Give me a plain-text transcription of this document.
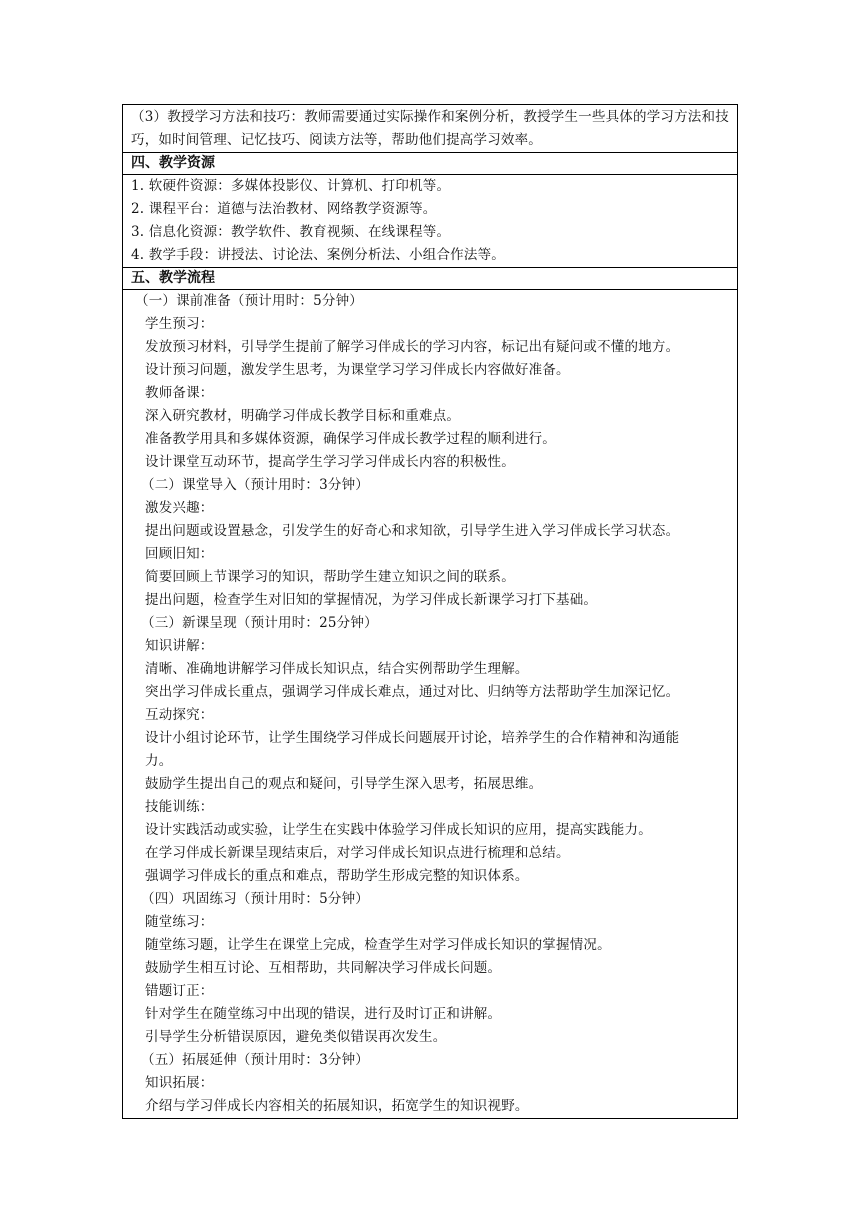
（3）教授学习方法和技巧：教师需要通过实际操作和案例分析，教授学生一些具体的学习方法和技巧，如时间管理、记忆技巧、阅读方法等，帮助他们提高学习效率。
四、教学资源
1. 软硬件资源：多媒体投影仪、计算机、打印机等。
2. 课程平台：道德与法治教材、网络教学资源等。
3. 信息化资源：教学软件、教育视频、在线课程等。
4. 教学手段：讲授法、讨论法、案例分析法、小组合作法等。
五、教学流程
（一）课前准备（预计用时：5分钟）
学生预习：
发放预习材料，引导学生提前了解学习伴成长的学习内容，标记出有疑问或不懂的地方。
设计预习问题，激发学生思考，为课堂学习学习伴成长内容做好准备。
教师备课：
深入研究教材，明确学习伴成长教学目标和重难点。
准备教学用具和多媒体资源，确保学习伴成长教学过程的顺利进行。
设计课堂互动环节，提高学生学习学习伴成长内容的积极性。
（二）课堂导入（预计用时：3分钟）
激发兴趣：
提出问题或设置悬念，引发学生的好奇心和求知欲，引导学生进入学习伴成长学习状态。
回顾旧知：
简要回顾上节课学习的知识，帮助学生建立知识之间的联系。
提出问题，检查学生对旧知的掌握情况，为学习伴成长新课学习打下基础。
（三）新课呈现（预计用时：25分钟）
知识讲解：
清晰、准确地讲解学习伴成长知识点，结合实例帮助学生理解。
突出学习伴成长重点，强调学习伴成长难点，通过对比、归纳等方法帮助学生加深记忆。
互动探究：
设计小组讨论环节，让学生围绕学习伴成长问题展开讨论，培养学生的合作精神和沟通能
力。
鼓励学生提出自己的观点和疑问，引导学生深入思考，拓展思维。
技能训练：
设计实践活动或实验，让学生在实践中体验学习伴成长知识的应用，提高实践能力。
在学习伴成长新课呈现结束后，对学习伴成长知识点进行梳理和总结。
强调学习伴成长的重点和难点，帮助学生形成完整的知识体系。
（四）巩固练习（预计用时：5分钟）
随堂练习：
随堂练习题，让学生在课堂上完成，检查学生对学习伴成长知识的掌握情况。
鼓励学生相互讨论、互相帮助，共同解决学习伴成长问题。
错题订正：
针对学生在随堂练习中出现的错误，进行及时订正和讲解。
引导学生分析错误原因，避免类似错误再次发生。
（五）拓展延伸（预计用时：3分钟）
知识拓展：
介绍与学习伴成长内容相关的拓展知识，拓宽学生的知识视野。
